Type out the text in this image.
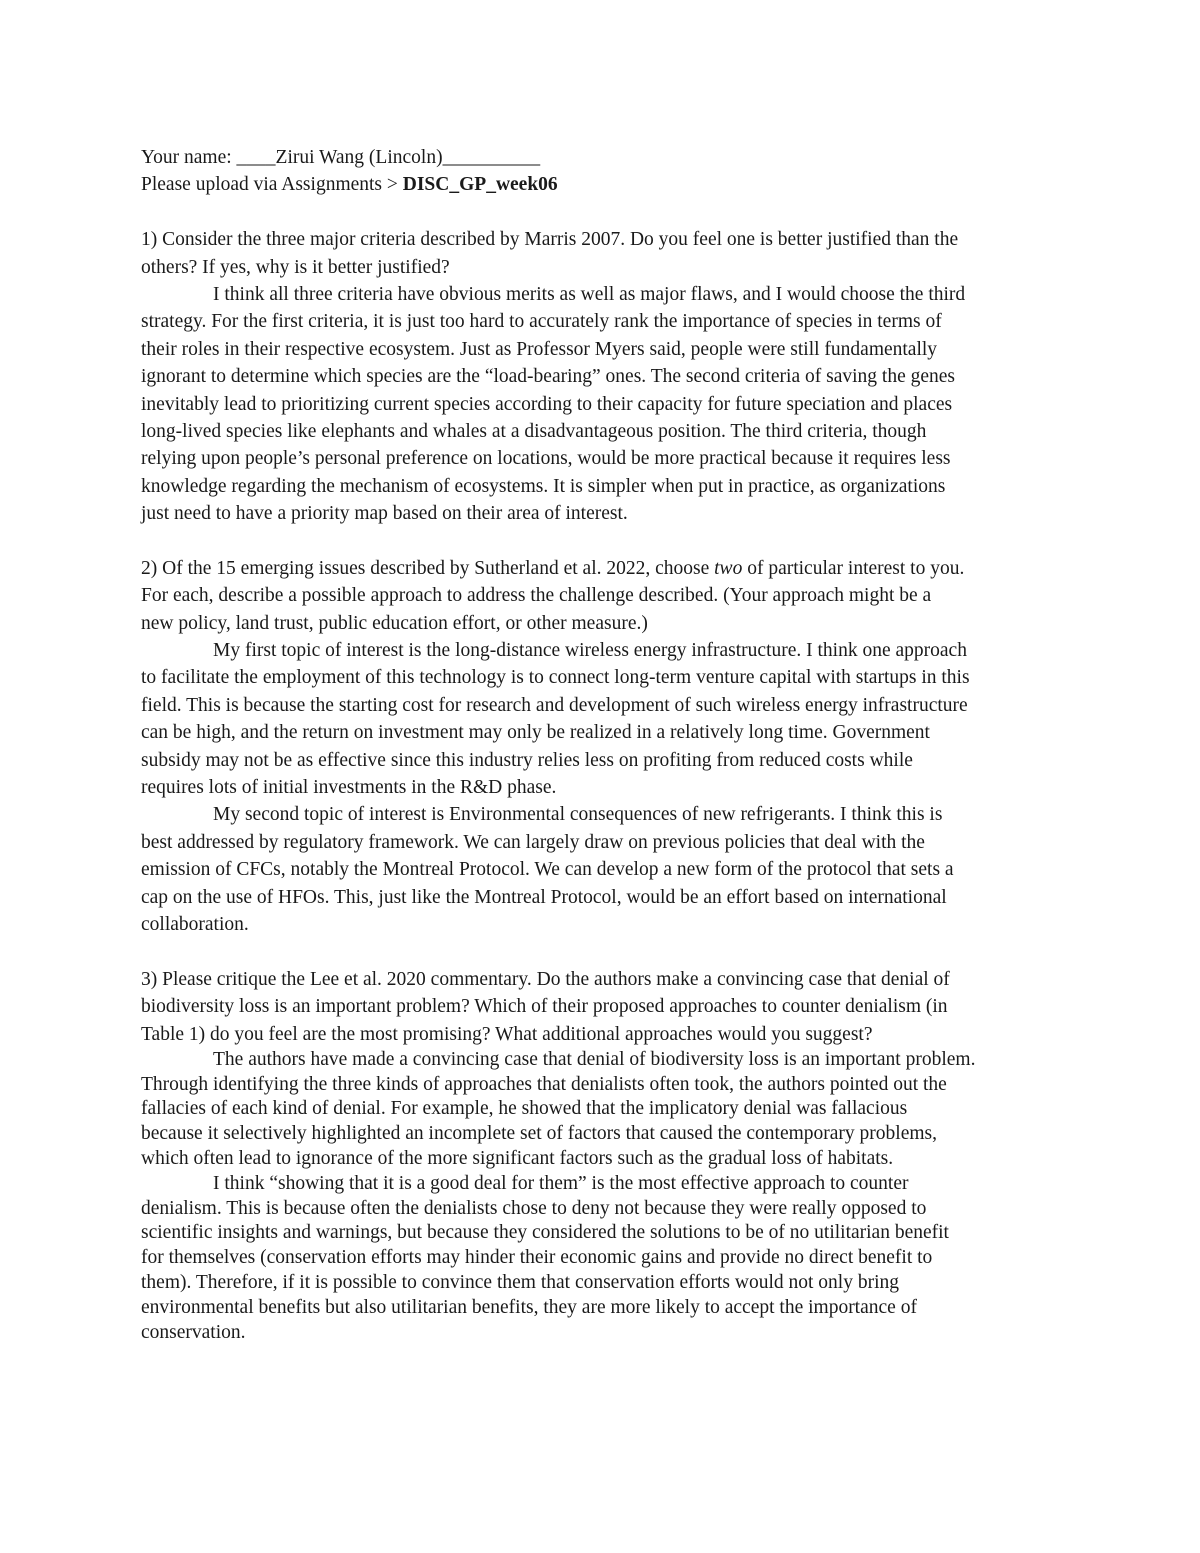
Your name: ____Zirui Wang (Lincoln)__________
Please upload via Assignments > DISC_GP_week06
1) Consider the three major criteria described by Marris 2007. Do you feel one is better justified than the
others? If yes, why is it better justified?
I think all three criteria have obvious merits as well as major flaws, and I would choose the third
strategy. For the first criteria, it is just too hard to accurately rank the importance of species in terms of
their roles in their respective ecosystem. Just as Professor Myers said, people were still fundamentally
ignorant to determine which species are the “load-bearing” ones. The second criteria of saving the genes
inevitably lead to prioritizing current species according to their capacity for future speciation and places
long-lived species like elephants and whales at a disadvantageous position. The third criteria, though
relying upon people’s personal preference on locations, would be more practical because it requires less
knowledge regarding the mechanism of ecosystems. It is simpler when put in practice, as organizations
just need to have a priority map based on their area of interest.
2) Of the 15 emerging issues described by Sutherland et al. 2022, choose two of particular interest to you.
For each, describe a possible approach to address the challenge described. (Your approach might be a
new policy, land trust, public education effort, or other measure.)
My first topic of interest is the long-distance wireless energy infrastructure. I think one approach
to facilitate the employment of this technology is to connect long-term venture capital with startups in this
field. This is because the starting cost for research and development of such wireless energy infrastructure
can be high, and the return on investment may only be realized in a relatively long time. Government
subsidy may not be as effective since this industry relies less on profiting from reduced costs while
requires lots of initial investments in the R&D phase.
My second topic of interest is Environmental consequences of new refrigerants. I think this is
best addressed by regulatory framework. We can largely draw on previous policies that deal with the
emission of CFCs, notably the Montreal Protocol. We can develop a new form of the protocol that sets a
cap on the use of HFOs. This, just like the Montreal Protocol, would be an effort based on international
collaboration.
3) Please critique the Lee et al. 2020 commentary. Do the authors make a convincing case that denial of
biodiversity loss is an important problem? Which of their proposed approaches to counter denialism (in
Table 1) do you feel are the most promising? What additional approaches would you suggest?
The authors have made a convincing case that denial of biodiversity loss is an important problem.
Through identifying the three kinds of approaches that denialists often took, the authors pointed out the
fallacies of each kind of denial. For example, he showed that the implicatory denial was fallacious
because it selectively highlighted an incomplete set of factors that caused the contemporary problems,
which often lead to ignorance of the more significant factors such as the gradual loss of habitats.
I think “showing that it is a good deal for them” is the most effective approach to counter
denialism. This is because often the denialists chose to deny not because they were really opposed to
scientific insights and warnings, but because they considered the solutions to be of no utilitarian benefit
for themselves (conservation efforts may hinder their economic gains and provide no direct benefit to
them). Therefore, if it is possible to convince them that conservation efforts would not only bring
environmental benefits but also utilitarian benefits, they are more likely to accept the importance of
conservation.
